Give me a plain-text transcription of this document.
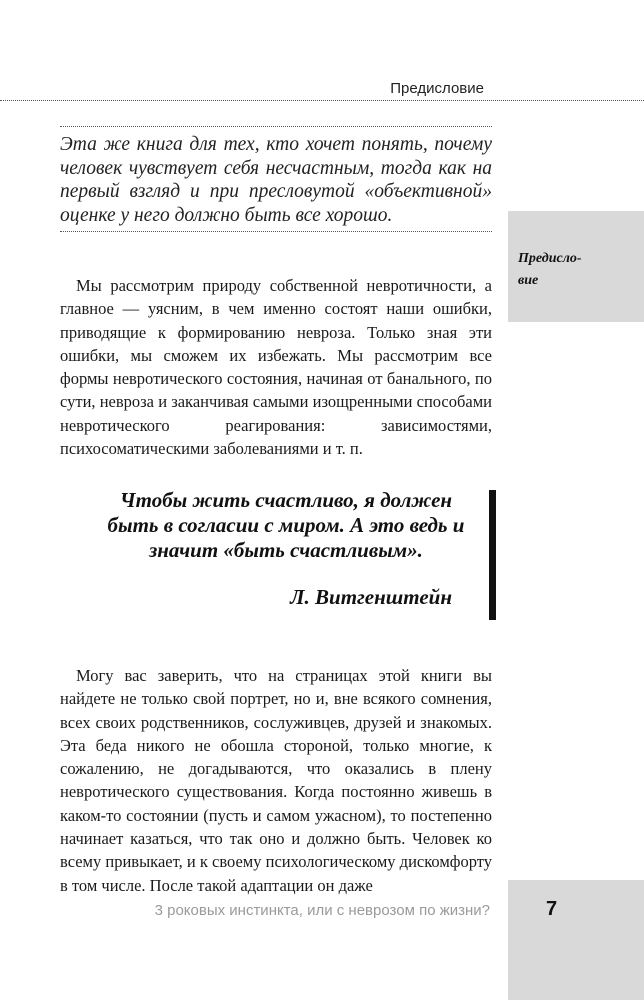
Предисловие
Предисло-вие

Эта же книга для тех, кто хочет понять, почему человек чувствует себя несчастным, тогда как на первый взгляд и при пресловутой «объективной» оценке у него должно быть все хорошо.

Мы рассмотрим природу собственной невротичности, а главное — уясним, в чем именно состоят наши ошибки, приводящие к формированию невроза. Только зная эти ошибки, мы сможем их избежать. Мы рассмотрим все формы невротического состояния, начиная от банального, по сути, невроза и заканчивая самыми изощренными способами невротического реагирования: зависимостями, психосоматическими заболеваниями и т. п.

Чтобы жить счастливо, я должен быть в согласии с миром. А это ведь и значит «быть счастливым».

Л. Витгенштейн

Могу вас заверить, что на страницах этой книги вы найдете не только свой портрет, но и, вне всякого сомнения, всех своих родственников, сослуживцев, друзей и знакомых. Эта беда никого не обошла стороной, только многие, к сожалению, не догадываются, что оказались в плену невротического существования. Когда постоянно живешь в каком-то состоянии (пусть и самом ужасном), то постепенно начинает казаться, что так оно и должно быть. Человек ко всему привыкает, и к своему психологическому дискомфорту в том числе. После такой адаптации он даже

3 роковых инстинкта, или с неврозом по жизни?	7
